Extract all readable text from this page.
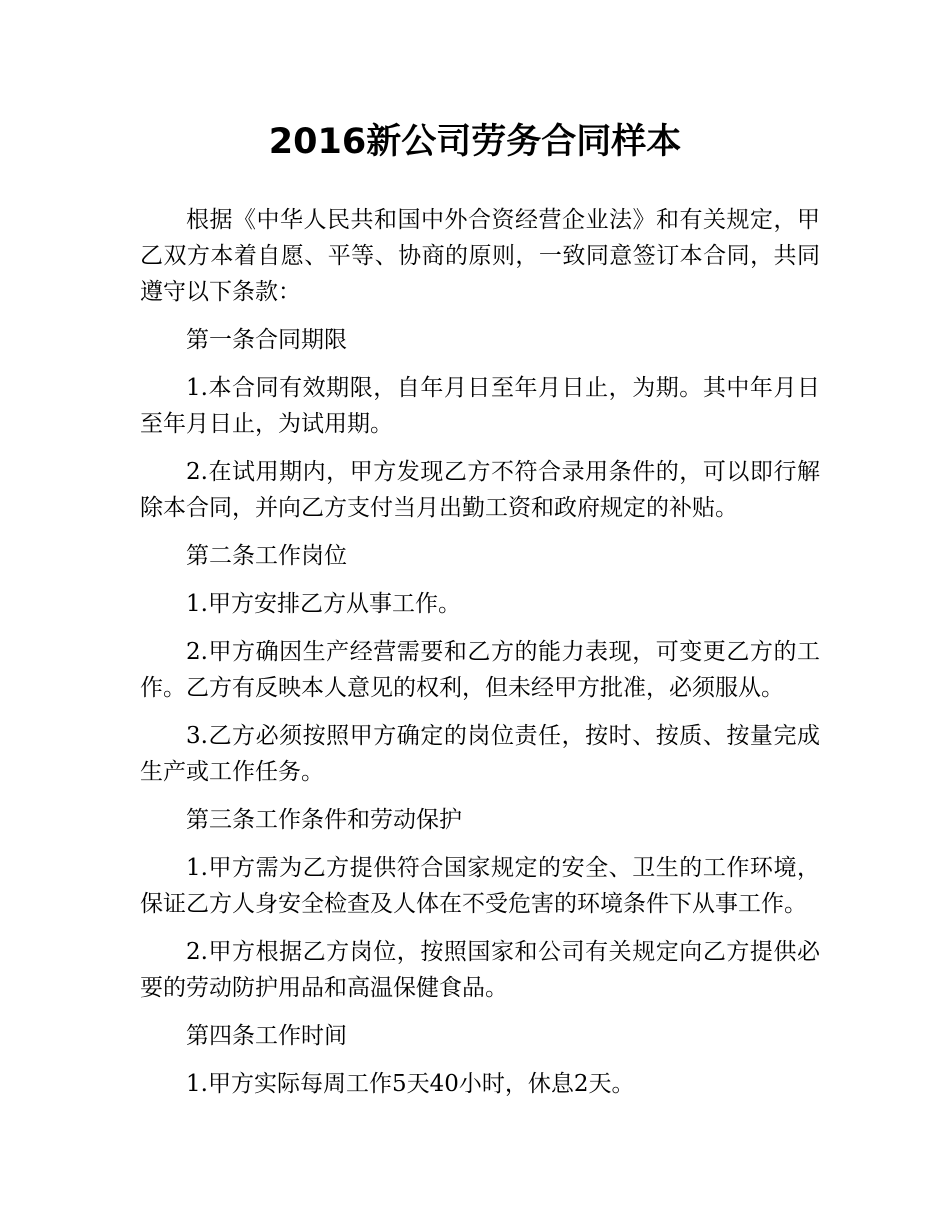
2016新公司劳务合同样本

根据《中华人民共和国中外合资经营企业法》和有关规定，甲乙双方本着自愿、平等、协商的原则，一致同意签订本合同，共同遵守以下条款：

第一条合同期限

1.本合同有效期限，自年月日至年月日止，为期。其中年月日至年月日止，为试用期。

2.在试用期内，甲方发现乙方不符合录用条件的，可以即行解除本合同，并向乙方支付当月出勤工资和政府规定的补贴。

第二条工作岗位

1.甲方安排乙方从事工作。

2.甲方确因生产经营需要和乙方的能力表现，可变更乙方的工作。乙方有反映本人意见的权利，但未经甲方批准，必须服从。

3.乙方必须按照甲方确定的岗位责任，按时、按质、按量完成生产或工作任务。

第三条工作条件和劳动保护

1.甲方需为乙方提供符合国家规定的安全、卫生的工作环境，保证乙方人身安全检查及人体在不受危害的环境条件下从事工作。

2.甲方根据乙方岗位，按照国家和公司有关规定向乙方提供必要的劳动防护用品和高温保健食品。

第四条工作时间

1.甲方实际每周工作5天40小时，休息2天。
